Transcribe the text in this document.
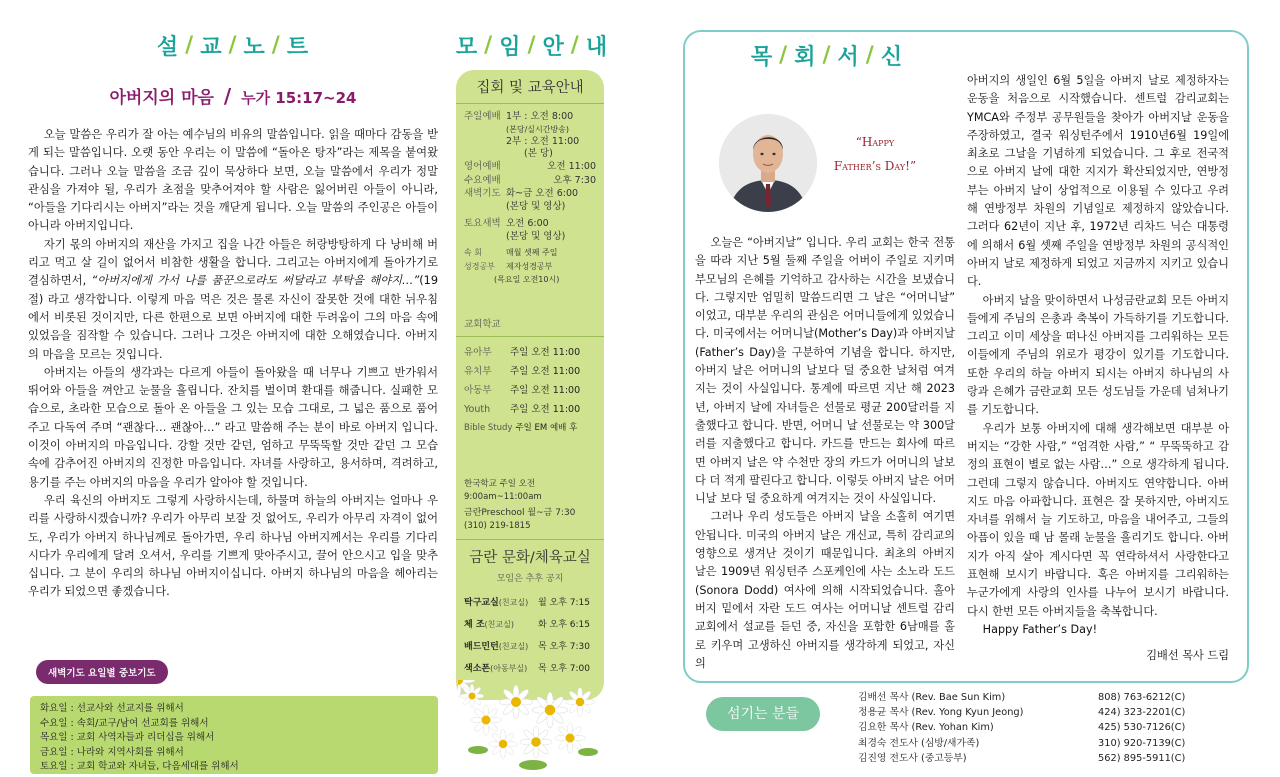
설 / 교 / 노 / 트
아버지의 마음 / 누가 15:17~24

오늘 말씀은 우리가 잘 아는 예수님의 비유의 말씀입니다. 읽을 때마다 감동을 받게 되는 말씀입니다. 오랫 동안 우리는 이 말씀에 “돌아온 탕자”라는 제목을 붙여왔습니다. 그러나 오늘 말씀을 조금 깊이 묵상하다 보면, 오늘 말씀에서 우리가 정말 관심을 가져야 될, 우리가 초점을 맞추어져야 할 사람은 잃어버린 아들이 아니라, “아들을 기다리시는 아버지”라는 것을 깨닫게 됩니다. 오늘 말씀의 주인공은 아들이 아니라 아버지입니다.

자기 몫의 아버지의 재산을 가지고 집을 나간 아들은 허랑방탕하게 다 낭비해 버리고 먹고 살 길이 없어서 비참한 생활을 합니다. 그리고는 아버지에게 돌아가기로 결심하면서, “아버지에게 가서 나를 품꾼으로라도 써달라고 부탁을 해야지…”(19절) 라고 생각합니다. 이렇게 마음 먹은 것은 물론 자신이 잘못한 것에 대한 뉘우침에서 비롯된 것이지만, 다른 한편으로 보면 아버지에 대한 두려움이 그의 마음 속에 있었음을 짐작할 수 있습니다. 그러나 그것은 아버지에 대한 오해였습니다. 아버지의 마음을 모르는 것입니다.

아버지는 아들의 생각과는 다르게 아들이 돌아왔을 때 너무나 기쁘고 반가워서 뛰어와 아들을 껴안고 눈물을 흘립니다. 잔치를 벌이며 환대를 해줍니다. 실패한 모습으로, 초라한 모습으로 돌아 온 아들을 그 있는 모습 그대로, 그 넓은 품으로 품어주고 다독여 주며 “괜찮다… 괜찮아…” 라고 말씀해 주는 분이 바로 아버지 입니다. 이것이 아버지의 마음입니다. 강할 것만 같던, 엄하고 무뚝뚝할 것만 같던 그 모습 속에 감추어진 아버지의 진정한 마음입니다. 자녀를 사랑하고, 용서하며, 격려하고, 용기를 주는 아버지의 마음을 우리가 알아야 할 것입니다.

우리 육신의 아버지도 그렇게 사랑하시는데, 하물며 하늘의 아버지는 얼마나 우리를 사랑하시겠습니까? 우리가 아무리 보잘 것 없어도, 우리가 아무리 자격이 없어도, 우리가 아버지 하나님께로 돌아가면, 우리 하나님 아버지께서는 우리를 기다리시다가 우리에게 달려 오셔서, 우리를 기쁘게 맞아주시고, 끌어 안으시고 입을 맞추십니다. 그 분이 우리의 하나님 아버지이십니다. 아버지 하나님의 마음을 헤아리는 우리가 되었으면 좋겠습니다.

새벽기도 요일별 중보기도
화요일 : 선교사와 선교지를 위해서
수요일 : 속회/교구/남여 선교회를 위해서
목요일 : 교회 사역자들과 리더십을 위해서
금요일 : 나라와 지역사회를 위해서
토요일 : 교회 학교와 자녀들, 다음세대를 위해서
모 / 임 / 안 / 내
집회 및 교육안내
주일예배 1부 : 오전 8:00
(본당/실시간방송)
2부 : 오전 11:00
(본 당)
영어예배	오전 11:00
수요예배	오후 7:30
새벽기도 화~금 오전 6:00
(본당 및 영상)
토요새벽 오전 6:00
(본당 및 영상)
속 회	매월 셋째 주일
성경공부	제자성경공부
(목요일 오전10시)
교회학교
유아부	주일 오전 11:00
유치부	주일 오전 11:00
아동부	주일 오전 11:00
Youth	주일 오전 11:00
Bible Study 주일 EM 예배 후
한국학교 주일 오전 9:00am~11:00am
금란Preschool 월~금 7:30
(310) 219-1815
금란 문화/체육교실
모임은 추후 공지
탁구교실(친교실)	월 오후 7:15
체 조(친교실)	화 오후 6:15
배드민턴(친교실)	목 오후 7:30
색소폰(아동부실)	목 오후 7:00
목 / 회 / 서 / 신
“Happy
Father’s Day!”

오늘은 “아버지날” 입니다. 우리 교회는 한국 전통을 따라 지난 5월 둘째 주일을 어버이 주일로 지키며 부모님의 은혜를 기억하고 감사하는 시간을 보냈습니다. 그렇지만 엄밀히 말씀드리면 그 날은 “어머니날” 이었고, 대부분 우리의 관심은 어머니들에게 있었습니다. 미국에서는 어머니날(Mother’s Day)과 아버지날(Father’s Day)을 구분하여 기념을 합니다. 하지만, 아버지 날은 어머니의 날보다 덜 중요한 날처럼 여겨지는 것이 사실입니다. 통계에 따르면 지난 해 2023년, 아버지 날에 자녀들은 선물로 평균 200달러를 지출했다고 합니다. 반면, 어머니 날 선물로는 약 300달러를 지출했다고 합니다. 카드를 만드는 회사에 따르면 아버지 날은 약 수천만 장의 카드가 어머니의 날보다 더 적게 팔린다고 합니다. 이렇듯 아버지 날은 어머니날 보다 덜 중요하게 여겨지는 것이 사실입니다.

그러나 우리 성도들은 아버지 날을 소홀히 여기면 안됩니다. 미국의 아버지 날은 개신교, 특히 감리교의 영향으로 생겨난 것이기 때문입니다. 최초의 아버지 날은 1909년 워싱턴주 스포케인에 사는 소노라 도드(Sonora Dodd) 여사에 의해 시작되었습니다. 홀아버지 밑에서 자란 도드 여사는 어머니날 센트럴 감리교회에서 설교를 듣던 중, 자신을 포함한 6남매를 홀로 키우며 고생하신 아버지를 생각하게 되었고, 자신의

아버지의 생일인 6월 5일을 아버지 날로 제정하자는 운동을 처음으로 시작했습니다. 센트럴 감리교회는 YMCA와 주정부 공무원들을 찾아가 아버지날 운동을 주장하였고, 결국 워싱턴주에서 1910년6월 19일에 최초로 그날을 기념하게 되었습니다. 그 후로 전국적으로 아버지 날에 대한 지지가 확산되었지만, 연방정부는 아버지 날이 상업적으로 이용될 수 있다고 우려해 연방정부 차원의 기념일로 제정하지 않았습니다. 그러다 62년이 지난 후, 1972년 리차드 닉슨 대통령에 의해서 6월 셋째 주일을 연방정부 차원의 공식적인 아버지 날로 제정하게 되었고 지금까지 지키고 있습니다.

아버지 날을 맞이하면서 나성금란교회 모든 아버지들에게 주님의 은총과 축복이 가득하기를 기도합니다. 그리고 이미 세상을 떠나신 아버지를 그리워하는 모든 이들에게 주님의 위로가 평강이 있기를 기도합니다. 또한 우리의 하늘 아버지 되시는 아버지 하나님의 사랑과 은혜가 금란교회 모든 성도님들 가운데 넘쳐나기를 기도합니다.

우리가 보통 아버지에 대해 생각해보면 대부분 아버지는 “강한 사람,” “엄격한 사람,” “ 무뚝뚝하고 감정의 표현이 별로 없는 사람…” 으로 생각하게 됩니다. 그런데 그렇지 않습니다. 아버지도 연약합니다. 아버지도 마음 아파합니다. 표현은 잘 못하지만, 아버지도 자녀를 위해서 늘 기도하고, 마음을 내어주고, 그들의 아픔이 있을 때 남 몰래 눈물을 흘리기도 합니다. 아버지가 아직 살아 계시다면 꼭 연락하셔서 사랑한다고 표현해 보시기 바랍니다. 혹은 아버지를 그리워하는 누군가에게 사랑의 인사를 나누어 보시기 바랍니다. 다시 한번 모든 아버지들을 축복합니다.

Happy Father’s Day!
김배선 목사 드림
섬기는 분들
김배선 목사 (Rev. Bae Sun Kim)	808) 763-6212(C)
정용균 목사 (Rev. Yong Kyun Jeong)	424) 323-2201(C)
김요한 목사 (Rev. Yohan Kim)	425) 530-7126(C)
최경숙 전도사 (심방/새가족)	310) 920-7139(C)
김진영 전도사 (중고등부)	562) 895-5911(C)
